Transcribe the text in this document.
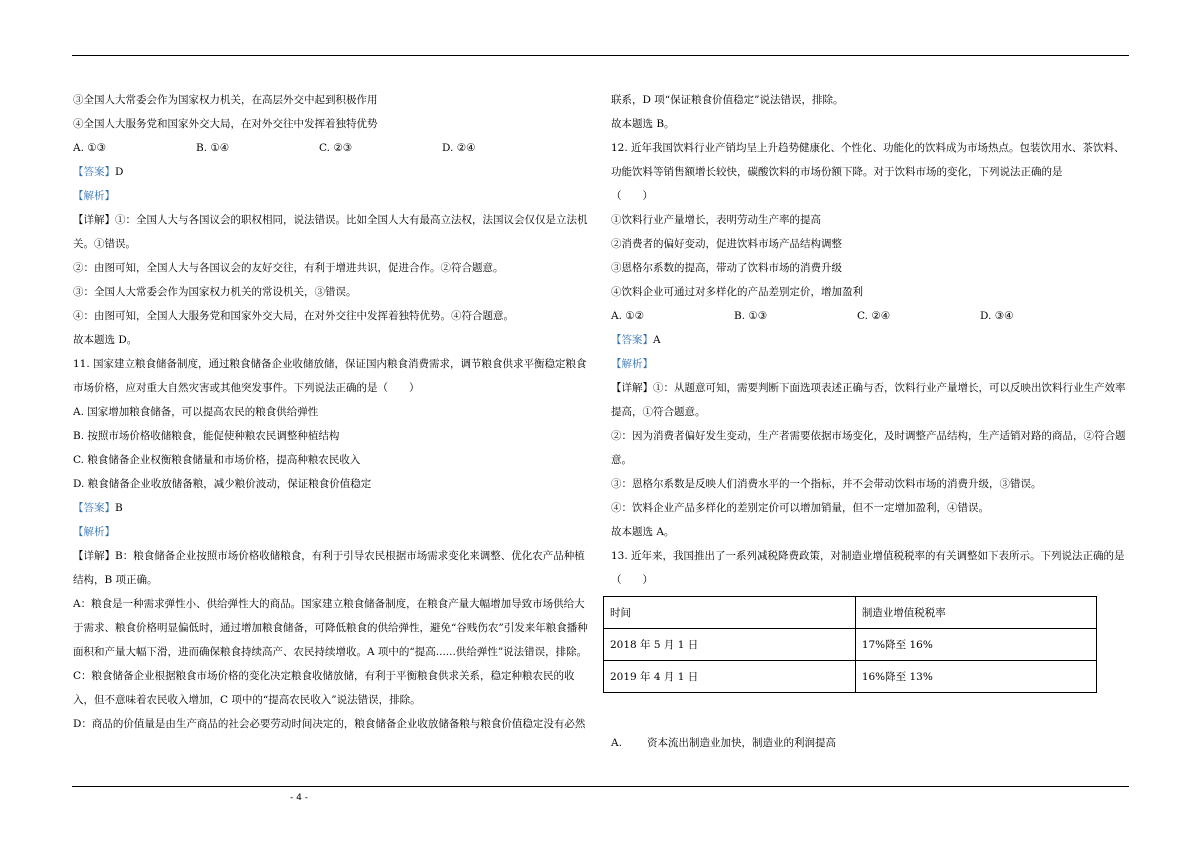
③全国人大常委会作为国家权力机关，在高层外交中起到积极作用

④全国人大服务党和国家外交大局，在对外交往中发挥着独特优势

A. ①③	B. ①④	C. ②③	D. ②④

【答案】D

【解析】

【详解】①：全国人大与各国议会的职权相同，说法错误。比如全国人大有最高立法权，法国议会仅仅是立法机关。①错误。

②：由图可知，全国人大与各国议会的友好交往，有利于增进共识，促进合作。②符合题意。

③：全国人大常委会作为国家权力机关的常设机关，③错误。

④：由图可知，全国人大服务党和国家外交大局，在对外交往中发挥着独特优势。④符合题意。

故本题选 D。

11. 国家建立粮食储备制度，通过粮食储备企业收储放储，保证国内粮食消费需求，调节粮食供求平衡稳定粮食市场价格，应对重大自然灾害或其他突发事件。下列说法正确的是（　　）

A. 国家增加粮食储备，可以提高农民的粮食供给弹性

B. 按照市场价格收储粮食，能促使种粮农民调整种植结构

C. 粮食储备企业权衡粮食储量和市场价格，提高种粮农民收入

D. 粮食储备企业收放储备粮，减少粮价波动，保证粮食价值稳定

【答案】B

【解析】

【详解】B：粮食储备企业按照市场价格收储粮食，有利于引导农民根据市场需求变化来调整、优化农产品种植结构，B 项正确。

A：粮食是一种需求弹性小、供给弹性大的商品。国家建立粮食储备制度，在粮食产量大幅增加导致市场供给大于需求、粮食价格明显偏低时，通过增加粮食储备，可降低粮食的供给弹性，避免“谷贱伤农”引发来年粮食播种面积和产量大幅下滑，进而确保粮食持续高产、农民持续增收。A 项中的“提高......供给弹性”说法错误，排除。

C：粮食储备企业根据粮食市场价格的变化决定粮食收储放储，有利于平衡粮食供求关系，稳定种粮农民的收入，但不意味着农民收入增加，C 项中的“提高农民收入”说法错误，排除。

D：商品的价值量是由生产商品的社会必要劳动时间决定的，粮食储备企业收放储备粮与粮食价值稳定没有必然

联系，D 项“保证粮食价值稳定”说法错误，排除。

故本题选 B。

12. 近年我国饮料行业产销均呈上升趋势健康化、个性化、功能化的饮料成为市场热点。包装饮用水、茶饮料、功能饮料等销售额增长较快，碳酸饮料的市场份额下降。对于饮料市场的变化，下列说法正确的是

（　　）

①饮料行业产量增长，表明劳动生产率的提高

②消费者的偏好变动，促进饮料市场产品结构调整

③恩格尔系数的提高，带动了饮料市场的消费升级

④饮料企业可通过对多样化的产品差别定价，增加盈利

A. ①②	B. ①③	C. ②④	D. ③④

【答案】A

【解析】

【详解】①：从题意可知，需要判断下面选项表述正确与否，饮料行业产量增长，可以反映出饮料行业生产效率提高，①符合题意。

②：因为消费者偏好发生变动，生产者需要依据市场变化，及时调整产品结构，生产适销对路的商品，②符合题意。

③：恩格尔系数是反映人们消费水平的一个指标，并不会带动饮料市场的消费升级，③错误。

④：饮料企业产品多样化的差别定价可以增加销量，但不一定增加盈利，④错误。

故本题选 A。

13. 近年来，我国推出了一系列减税降费政策，对制造业增值税税率的有关调整如下表所示。下列说法正确的是（　　）

时间	制造业增值税税率
2018 年 5 月 1 日	17%降至 16%
2019 年 4 月 1 日	16%降至 13%

A. 资本流出制造业加快，制造业的利润提高

- 4 -
